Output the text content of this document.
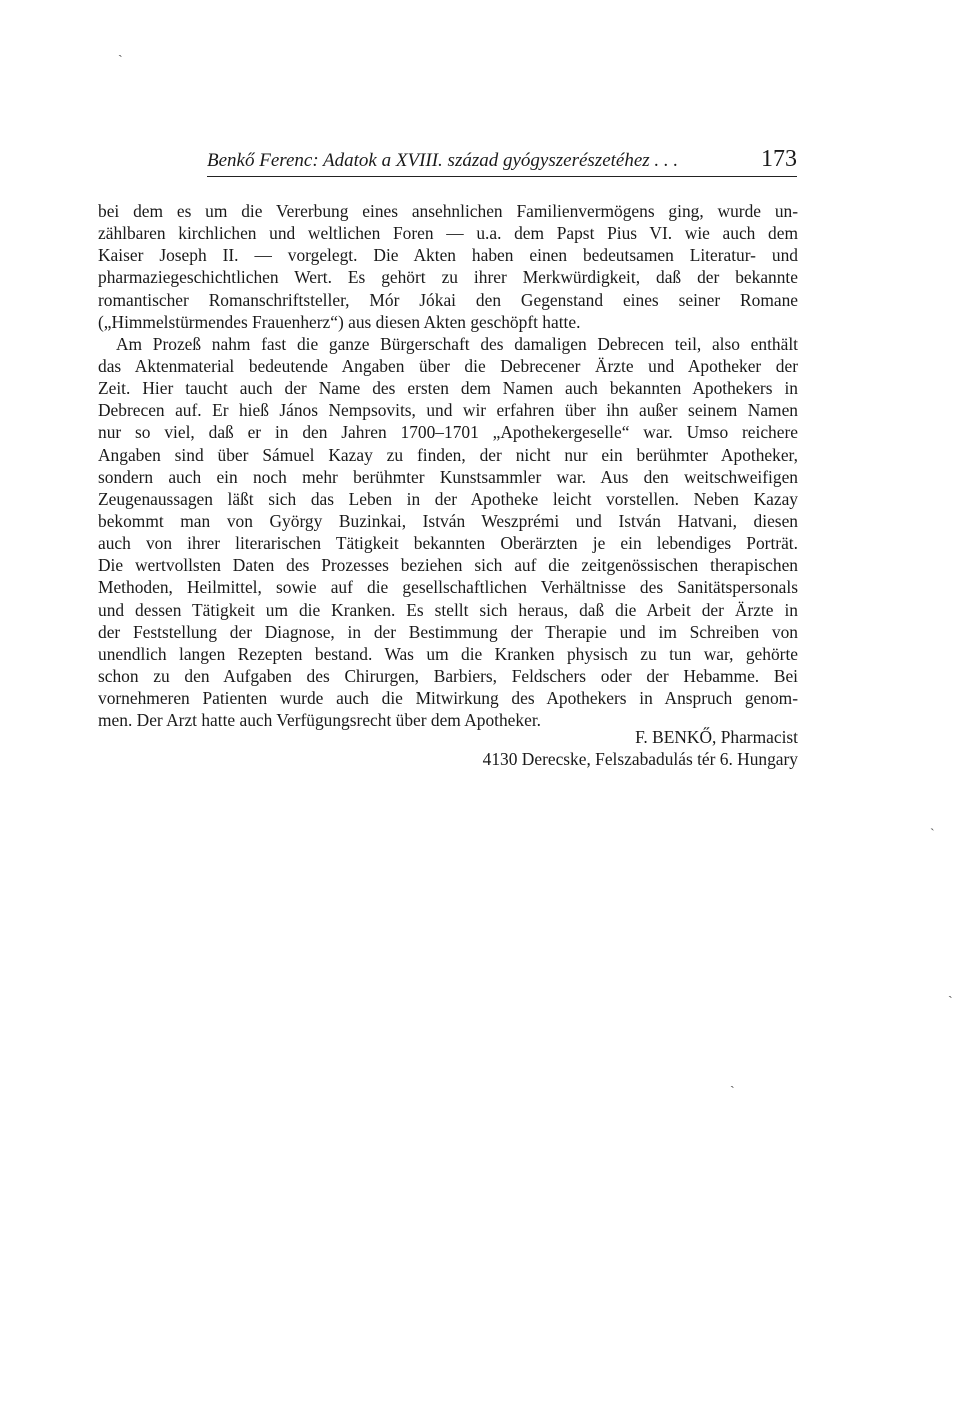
Benkő Ferenc: Adatok a XVIII. század gyógyszerészetéhez . . .	173
bei dem es um die Vererbung eines ansehnlichen Familienvermögens ging, wurde un-
zählbaren kirchlichen und weltlichen Foren — u.a. dem Papst Pius VI. wie auch dem
Kaiser Joseph II. — vorgelegt. Die Akten haben einen bedeutsamen Literatur- und
pharmaziegeschichtlichen Wert. Es gehört zu ihrer Merkwürdigkeit, daß der bekannte
romantischer Romanschriftsteller, Mór Jókai den Gegenstand eines seiner Romane
(„Himmelstürmendes Frauenherz“) aus diesen Akten geschöpft hatte.
Am Prozeß nahm fast die ganze Bürgerschaft des damaligen Debrecen teil, also enthält
das Aktenmaterial bedeutende Angaben über die Debrecener Ärzte und Apotheker der
Zeit. Hier taucht auch der Name des ersten dem Namen auch bekannten Apothekers in
Debrecen auf. Er hieß János Nempsovits, und wir erfahren über ihn außer seinem Namen
nur so viel, daß er in den Jahren 1700–1701 „Apothekergeselle“ war. Umso reichere
Angaben sind über Sámuel Kazay zu finden, der nicht nur ein berühmter Apotheker,
sondern auch ein noch mehr berühmter Kunstsammler war. Aus den weitschweifigen
Zeugenaussagen läßt sich das Leben in der Apotheke leicht vorstellen. Neben Kazay
bekommt man von György Buzinkai, István Weszprémi und István Hatvani, diesen
auch von ihrer literarischen Tätigkeit bekannten Oberärzten je ein lebendiges Porträt.
Die wertvollsten Daten des Prozesses beziehen sich auf die zeitgenössischen therapischen
Methoden, Heilmittel, sowie auf die gesellschaftlichen Verhältnisse des Sanitätspersonals
und dessen Tätigkeit um die Kranken. Es stellt sich heraus, daß die Arbeit der Ärzte in
der Feststellung der Diagnose, in der Bestimmung der Therapie und im Schreiben von
unendlich langen Rezepten bestand. Was um die Kranken physisch zu tun war, gehörte
schon zu den Aufgaben des Chirurgen, Barbiers, Feldschers oder der Hebamme. Bei
vornehmeren Patienten wurde auch die Mitwirkung des Apothekers in Anspruch genom-
men. Der Arzt hatte auch Verfügungsrecht über dem Apotheker.
F. BENKŐ, Pharmacist
4130 Derecske, Felszabadulás tér 6. Hungary
ˏ
ˋ
ˏ
ˏ
